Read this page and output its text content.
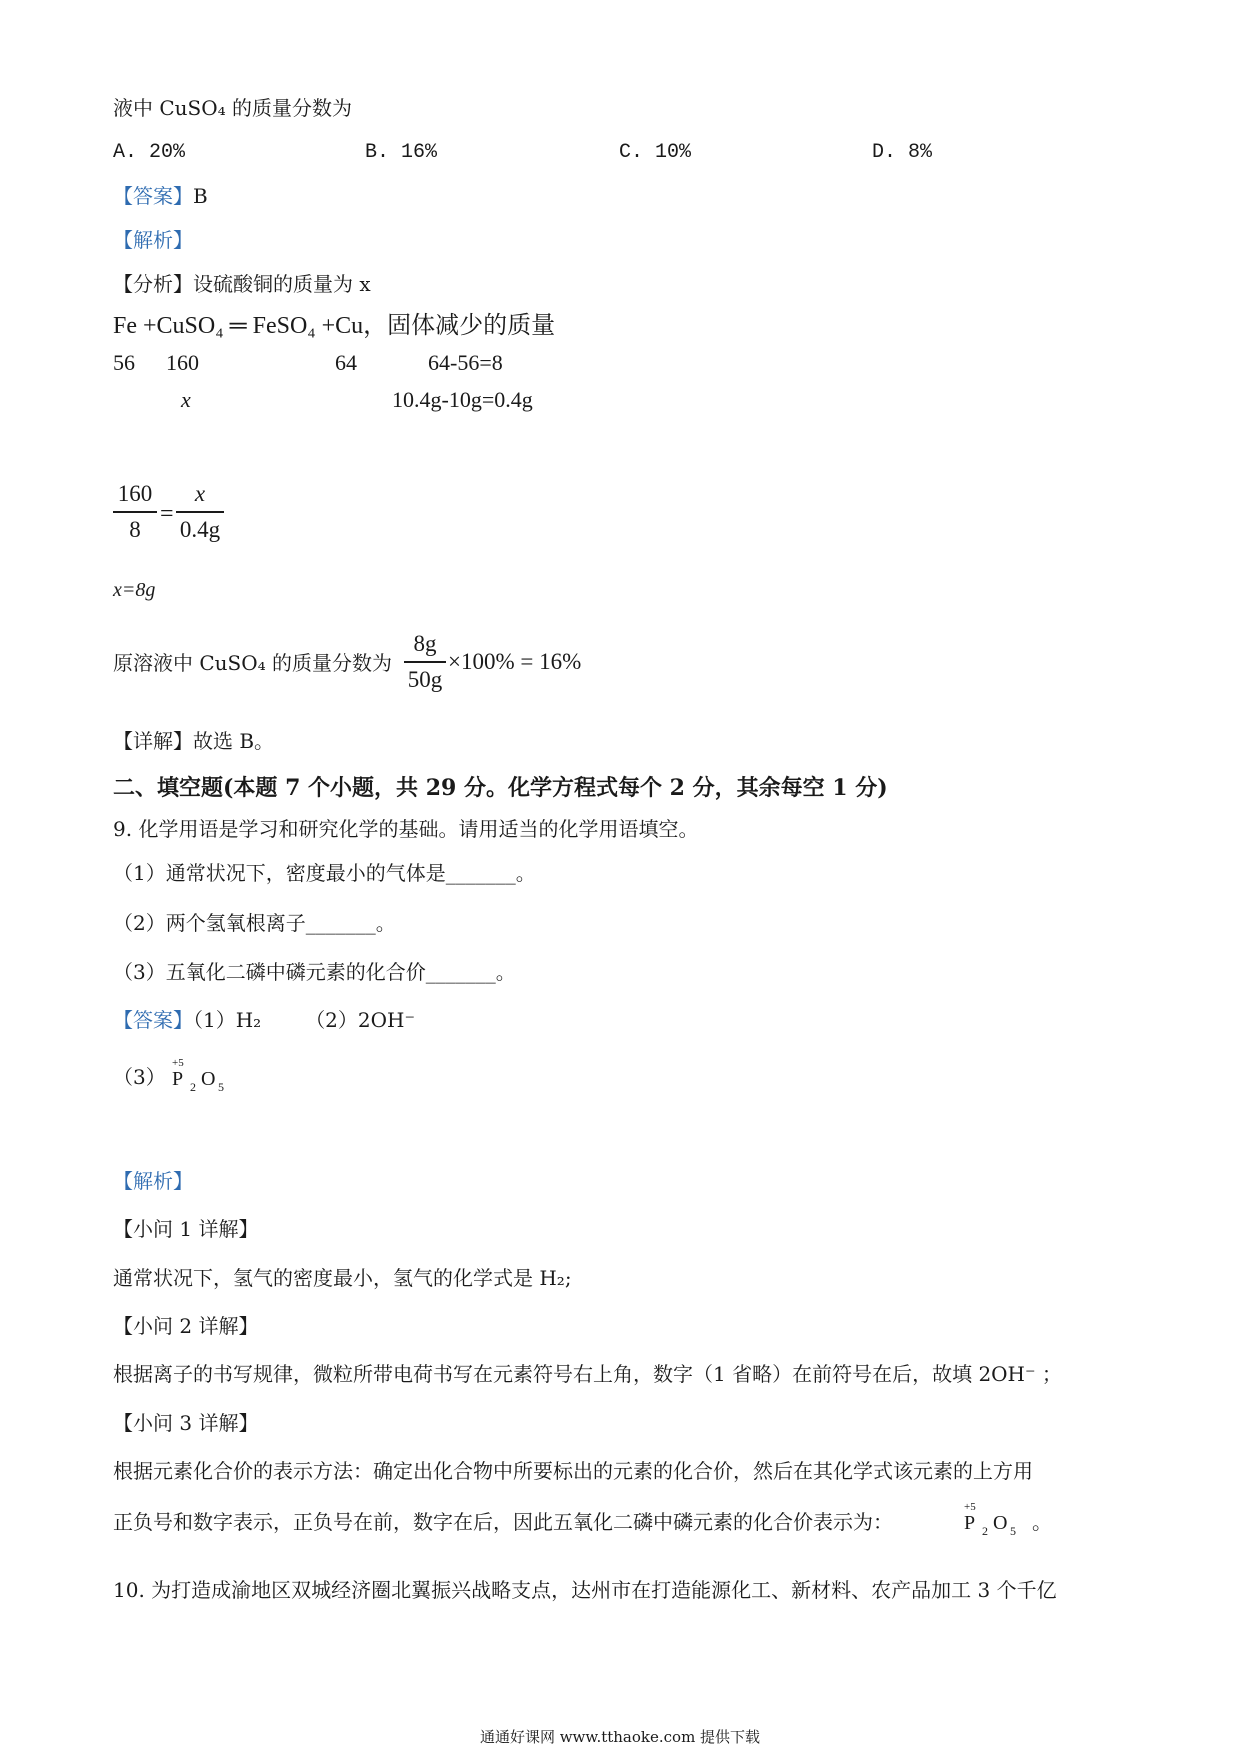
液中 CuSO₄ 的质量分数为
A. 20%	B. 16%	C. 10%	D. 8%
【答案】B
【解析】
【分析】设硫酸铜的质量为 x
Fe +CuSO₄ ═ FeSO₄ +Cu，固体减少的质量
56 160	64	64-56=8
x	10.4g-10g=0.4g
160
8
=
x
0.4g
x=8g
原溶液中 CuSO₄ 的质量分数为
8g
50g
×100% = 16%
【详解】故选 B。
二、填空题(本题 7 个小题，共 29 分。化学方程式每个 2 分，其余每空 1 分)
9. 化学用语是学习和研究化学的基础。请用适当的化学用语填空。
（1）通常状况下，密度最小的气体是_______。
（2）两个氢氧根离子_______。
（3）五氧化二磷中磷元素的化合价_______。
【答案】（1）H₂ （2）2OH⁻
（3）
+5
P 2 O 5
【解析】
【小问 1 详解】
通常状况下，氢气的密度最小，氢气的化学式是 H₂;
【小问 2 详解】
根据离子的书写规律，微粒所带电荷书写在元素符号右上角，数字（1 省略）在前符号在后，故填 2OH⁻ ；
【小问 3 详解】
根据元素化合价的表示方法：确定出化合物中所要标出的元素的化合价，然后在其化学式该元素的上方用
正负号和数字表示，正负号在前，数字在后，因此五氧化二磷中磷元素的化合价表示为：
+5
P 2 O 5 。
10. 为打造成渝地区双城经济圈北翼振兴战略支点，达州市在打造能源化工、新材料、农产品加工 3 个千亿
通通好课网 www.tthaoke.com 提供下载
